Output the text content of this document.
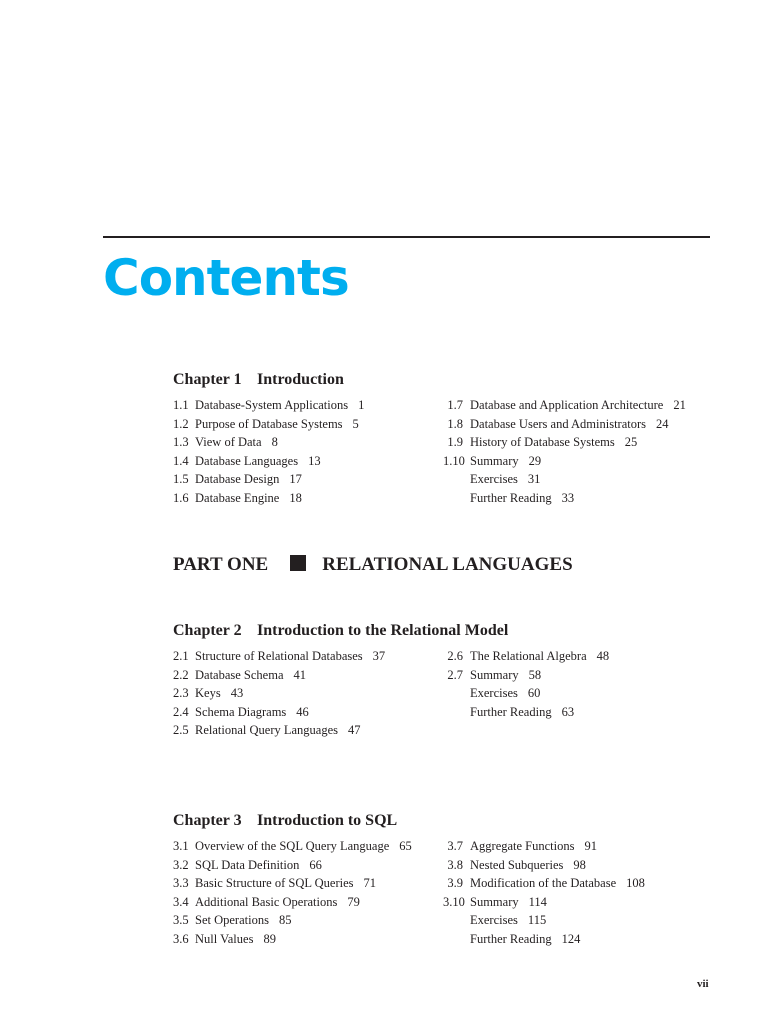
Contents
Chapter 1 Introduction
1.1 Database-System Applications 1
1.2 Purpose of Database Systems 5
1.3 View of Data 8
1.4 Database Languages 13
1.5 Database Design 17
1.6 Database Engine 18
1.7 Database and Application Architecture 21
1.8 Database Users and Administrators 24
1.9 History of Database Systems 25
1.10 Summary 29
Exercises 31
Further Reading 33
PART ONE	RELATIONAL LANGUAGES
Chapter 2 Introduction to the Relational Model
2.1 Structure of Relational Databases 37
2.2 Database Schema 41
2.3 Keys 43
2.4 Schema Diagrams 46
2.5 Relational Query Languages 47
2.6 The Relational Algebra 48
2.7 Summary 58
Exercises 60
Further Reading 63
Chapter 3 Introduction to SQL
3.1 Overview of the SQL Query Language 65
3.2 SQL Data Definition 66
3.3 Basic Structure of SQL Queries 71
3.4 Additional Basic Operations 79
3.5 Set Operations 85
3.6 Null Values 89
3.7 Aggregate Functions 91
3.8 Nested Subqueries 98
3.9 Modification of the Database 108
3.10 Summary 114
Exercises 115
Further Reading 124
vii
